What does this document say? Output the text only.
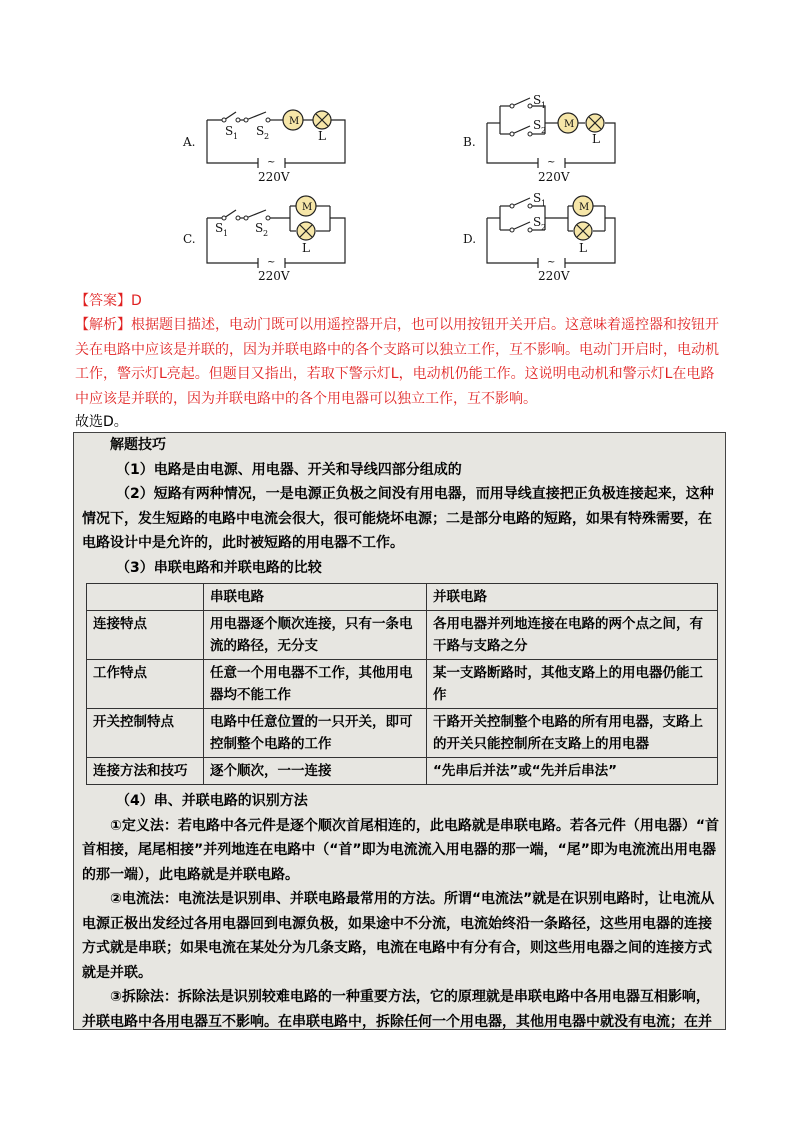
A.
S 1 S 2
M
L
~
220V
B.
S 1
S 2
M
L
~
220V
C.
S 1 S 2
M
L
~
220V
D.
S 1
S 2
M
L
~
220V
【答案】D
【解析】根据题目描述，电动门既可以用遥控器开启，也可以用按钮开关开启。这意味着遥控器和按钮开关在电路中应该是并联的，因为并联电路中的各个支路可以独立工作，互不影响。电动门开启时，电动机工作，警示灯L亮起。但题目又指出，若取下警示灯L，电动机仍能工作。这说明电动机和警示灯L在电路中应该是并联的，因为并联电路中的各个用电器可以独立工作，互不影响。
故选D。

解题技巧

（1）电路是由电源、用电器、开关和导线四部分组成的

（2）短路有两种情况，一是电源正负极之间没有用电器，而用导线直接把正负极连接起来，这种情况下，发生短路的电路中电流会很大，很可能烧坏电源；二是部分电路的短路，如果有特殊需要，在电路设计中是允许的，此时被短路的用电器不工作。

（3）串联电路和并联电路的比较

	串联电路	并联电路
连接特点	用电器逐个顺次连接，只有一条电流的路径，无分支	各用电器并列地连接在电路的两个点之间，有干路与支路之分
工作特点	任意一个用电器不工作，其他用电器均不能工作	某一支路断路时，其他支路上的用电器仍能工作
开关控制特点	电路中任意位置的一只开关，即可控制整个电路的工作	干路开关控制整个电路的所有用电器，支路上的开关只能控制所在支路上的用电器
连接方法和技巧	逐个顺次，一一连接	“先串后并法”或“先并后串法”

（4）串、并联电路的识别方法

①定义法：若电路中各元件是逐个顺次首尾相连的，此电路就是串联电路。若各元件（用电器）“首首相接，尾尾相接”并列地连在电路中（“首”即为电流流入用电器的那一端，“尾”即为电流流出用电器的那一端），此电路就是并联电路。

②电流法：电流法是识别串、并联电路最常用的方法。所谓“电流法”就是在识别电路时，让电流从电源正极出发经过各用电器回到电源负极，如果途中不分流，电流始终沿一条路径，这些用电器的连接方式就是串联；如果电流在某处分为几条支路，电流在电路中有分有合，则这些用电器之间的连接方式就是并联。

③拆除法：拆除法是识别较难电路的一种重要方法，它的原理就是串联电路中各用电器互相影响，并联电路中各用电器互不影响。在串联电路中，拆除任何一个用电器，其他用电器中就没有电流；在并
